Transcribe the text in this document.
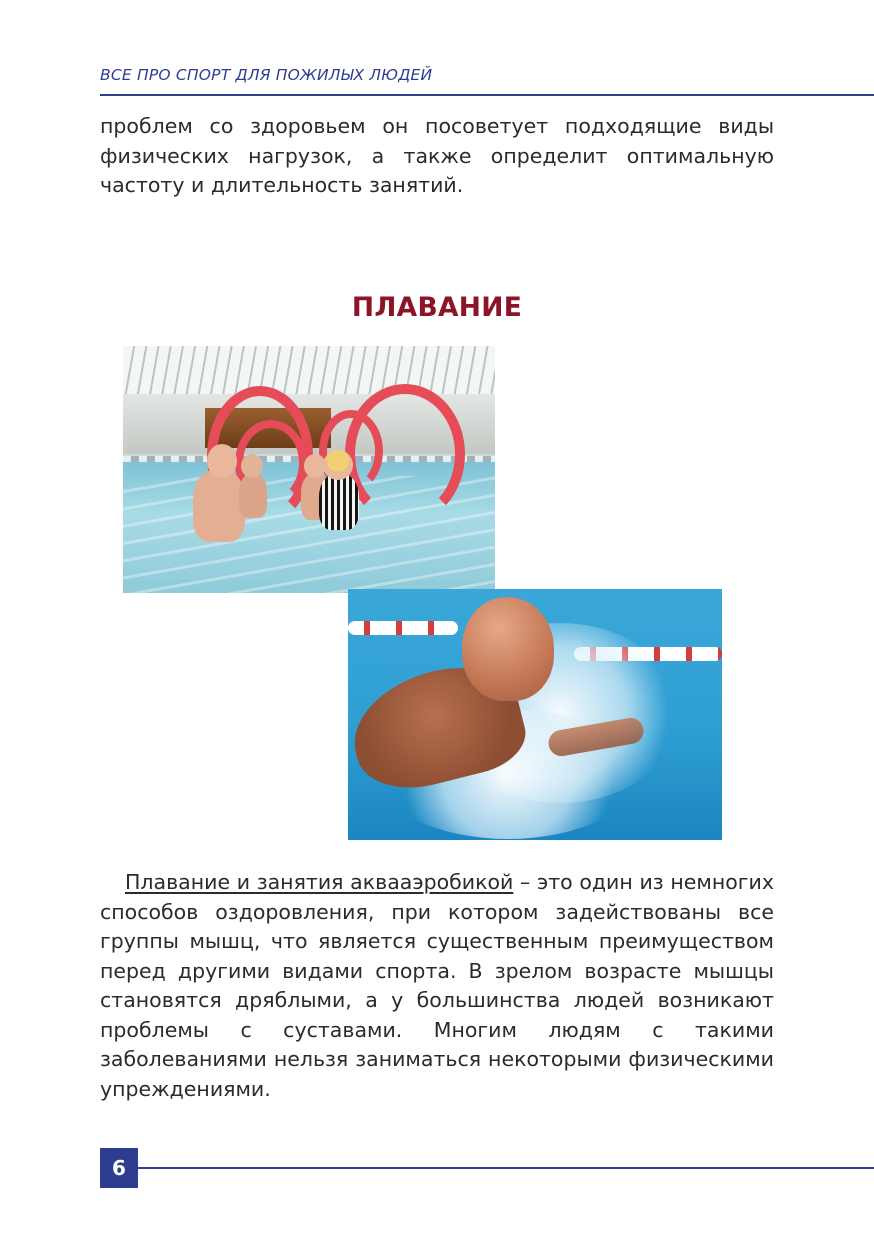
ВСЕ ПРО СПОРТ ДЛЯ ПОЖИЛЫХ ЛЮДЕЙ

проблем со здоровьем он посоветует подходящие виды физических нагрузок, а также определит оптимальную частоту и длительность занятий.

ПЛАВАНИЕ

Плавание и занятия аквааэробикой – это один из немногих способов оздоровления, при котором задействованы все группы мышц, что является существенным преимуществом перед другими видами спорта. В зрелом возрасте мышцы становятся дряблыми, а у большинства людей возникают проблемы с суставами. Многим людям с такими заболеваниями нельзя заниматься некоторыми физическими упреждениями.

6
